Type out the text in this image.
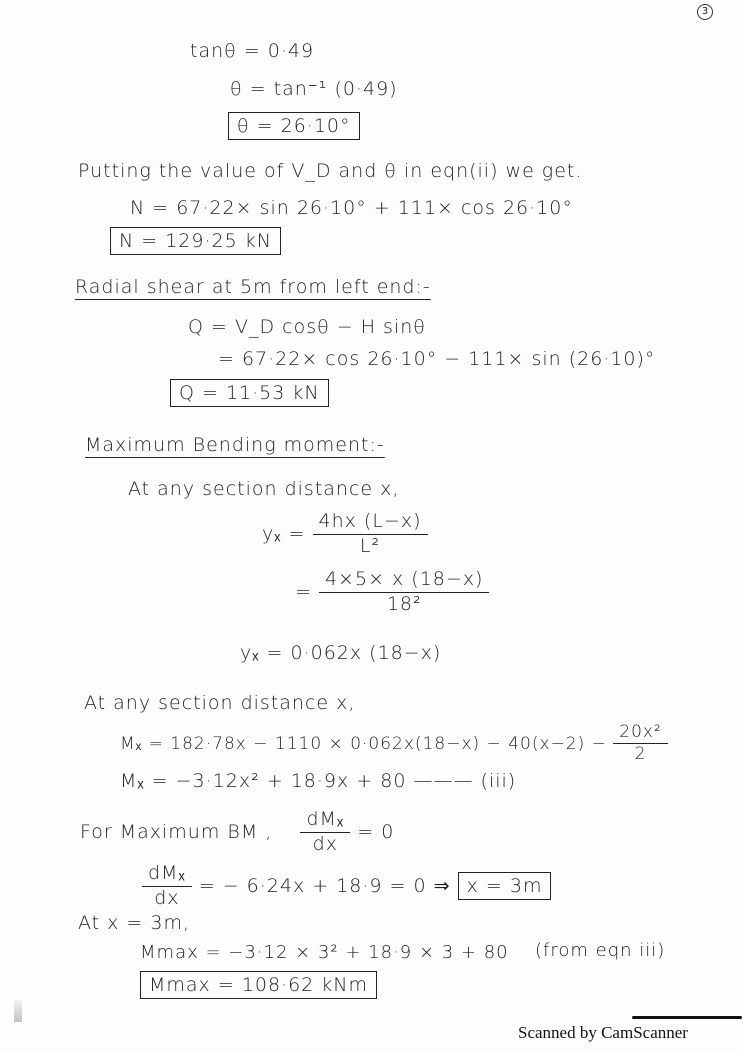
3
tanθ = 0·49
θ = tan⁻¹ (0·49)
θ = 26·10°
Putting the value of V_D and θ in eqn(ii) we get.
N = 67·22× sin 26·10° + 111× cos 26·10°
N = 129·25 kN
Radial shear at 5m from left end:-
Q = V_D cosθ − H sinθ
= 67·22× cos 26·10° − 111× sin (26·10)°
Q = 11·53 kN
Maximum Bending moment:-
At any section distance x,
$y_x = \frac{4hx (L-x)}{\text{L²}}$
= $\frac{4\times 5\times x (18-x)}{\text{18²}}$
yₓ = 0·062x (18−x)
At any section distance x,
$M_x = 182\cdot 78x - 1110 \times 0\cdot 062x(18-x) - 40(x-2) - \frac{\text{20x²}}{2}$
Mₓ = −3·12x² + 18·9x + 80 ——— (iii)
For Maximum BM , $\frac{\text{dMₓ}}{dx} = 0$
$\frac{\text{dMₓ}}{dx}$ = − 6·24x + 18·9 = 0 ⇒ x = 3m
At x = 3m,
Mmax = −3·12 × 3² + 18·9 × 3 + 80 (from eqn iii)
Mmax = 108·62 kNm
Scanned by CamScanner
